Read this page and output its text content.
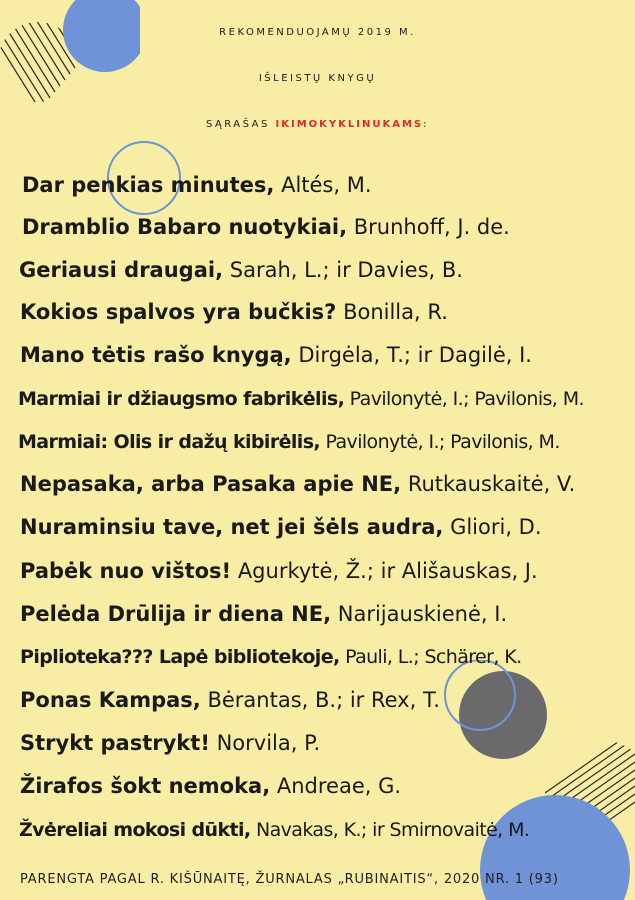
REKOMENDUOJAMŲ 2019 M.
IŠLEISTŲ KNYGŲ
SĄRAŠAS IKIMOKYKLINUKAMS:
Dar penkias minutes, Altés, M.
Dramblio Babaro nuotykiai, Brunhoff, J. de.
Geriausi draugai, Sarah, L.; ir Davies, B.
Kokios spalvos yra bučkis? Bonilla, R.
Mano tėtis rašo knygą, Dirgėla, T.; ir Dagilė, I.
Marmiai ir džiaugsmo fabrikėlis, Pavilonytė, I.; Pavilonis, M.
Marmiai: Olis ir dažų kibirėlis, Pavilonytė, I.; Pavilonis, M.
Nepasaka, arba Pasaka apie NE, Rutkauskaitė, V.
Nuraminsiu tave, net jei šėls audra, Gliori, D.
Pabėk nuo vištos! Agurkytė, Ž.; ir Ališauskas, J.
Pelėda Drūlija ir diena NE, Narijauskienė, I.
Piplioteka??? Lapė bibliotekoje, Pauli, L.; Schärer, K.
Ponas Kampas, Bėrantas, B.; ir Rex, T.
Strykt pastrykt! Norvila, P.
Žirafos šokt nemoka, Andreae, G.
Žvėreliai mokosi dūkti, Navakas, K.; ir Smirnovaitė, M.
PARENGTA PAGAL R. KIŠŪNAITĘ, ŽURNALAS „RUBINAITIS“, 2020 NR. 1 (93)
